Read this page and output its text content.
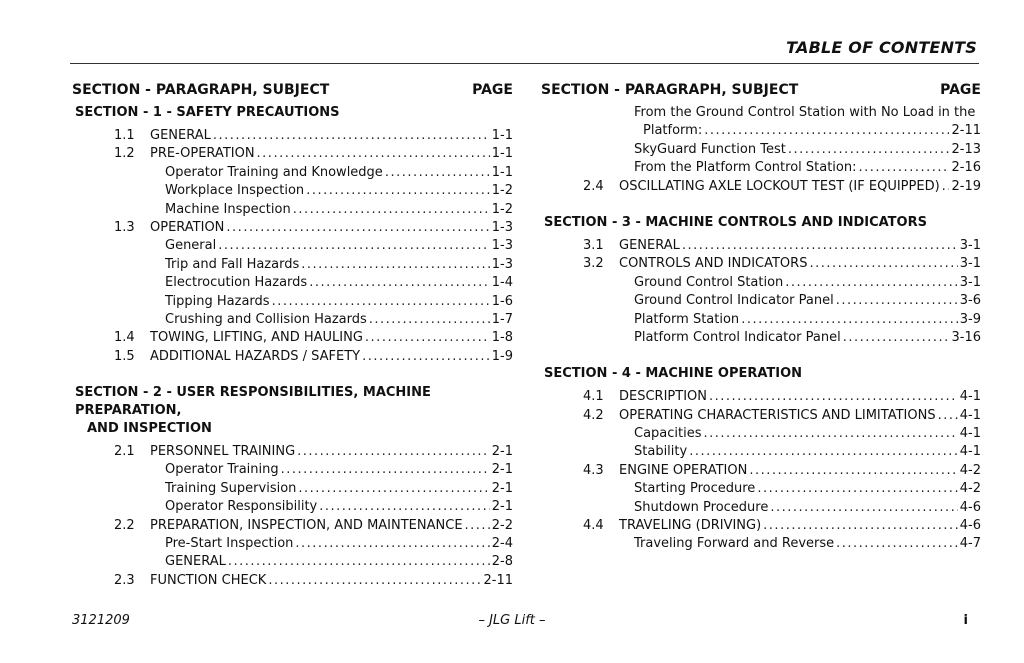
TABLE OF CONTENTS
SECTION - PARAGRAPH, SUBJECT	PAGE
SECTION - 1 - SAFETY PRECAUTIONS
1.1	GENERAL .....	1-1
1.2	PRE-OPERATION .....	1-1
Operator Training and Knowledge .....	1-1
Workplace Inspection .....	1-2
Machine Inspection .....	1-2
1.3	OPERATION .....	1-3
General .....	1-3
Trip and Fall Hazards .....	1-3
Electrocution Hazards .....	1-4
Tipping Hazards .....	1-6
Crushing and Collision Hazards .....	1-7
1.4	TOWING, LIFTING, AND HAULING .....	1-8
1.5	ADDITIONAL HAZARDS / SAFETY .....	1-9
SECTION - 2 - USER RESPONSIBILITIES, MACHINE PREPARATION,
AND INSPECTION
2.1	PERSONNEL TRAINING .....	2-1
Operator Training .....	2-1
Training Supervision .....	2-1
Operator Responsibility .....	2-1
2.2	PREPARATION, INSPECTION, AND MAINTENANCE ..... 2-2
Pre-Start Inspection .....	2-4
GENERAL .....	2-8
2.3	FUNCTION CHECK .....	2-11
SECTION - PARAGRAPH, SUBJECT	PAGE
From the Ground Control Station with No Load in the
Platform: .....	2-11
SkyGuard Function Test .....	2-13
From the Platform Control Station: .....	2-16
2.4	OSCILLATING AXLE LOCKOUT TEST (IF EQUIPPED) ..... 2-19
SECTION - 3 - MACHINE CONTROLS AND INDICATORS
3.1	GENERAL .....	3-1
3.2	CONTROLS AND INDICATORS .....	3-1
Ground Control Station .....	3-1
Ground Control Indicator Panel .....	3-6
Platform Station .....	3-9
Platform Control Indicator Panel .....	3-16
SECTION - 4 - MACHINE OPERATION
4.1	DESCRIPTION .....	4-1
4.2	OPERATING CHARACTERISTICS AND LIMITATIONS ..... 4-1
Capacities .....	4-1
Stability .....	4-1
4.3	ENGINE OPERATION .....	4-2
Starting Procedure .....	4-2
Shutdown Procedure .....	4-6
4.4	TRAVELING (DRIVING) .....	4-6
Traveling Forward and Reverse .....	4-7
3121209	– JLG Lift –	i
